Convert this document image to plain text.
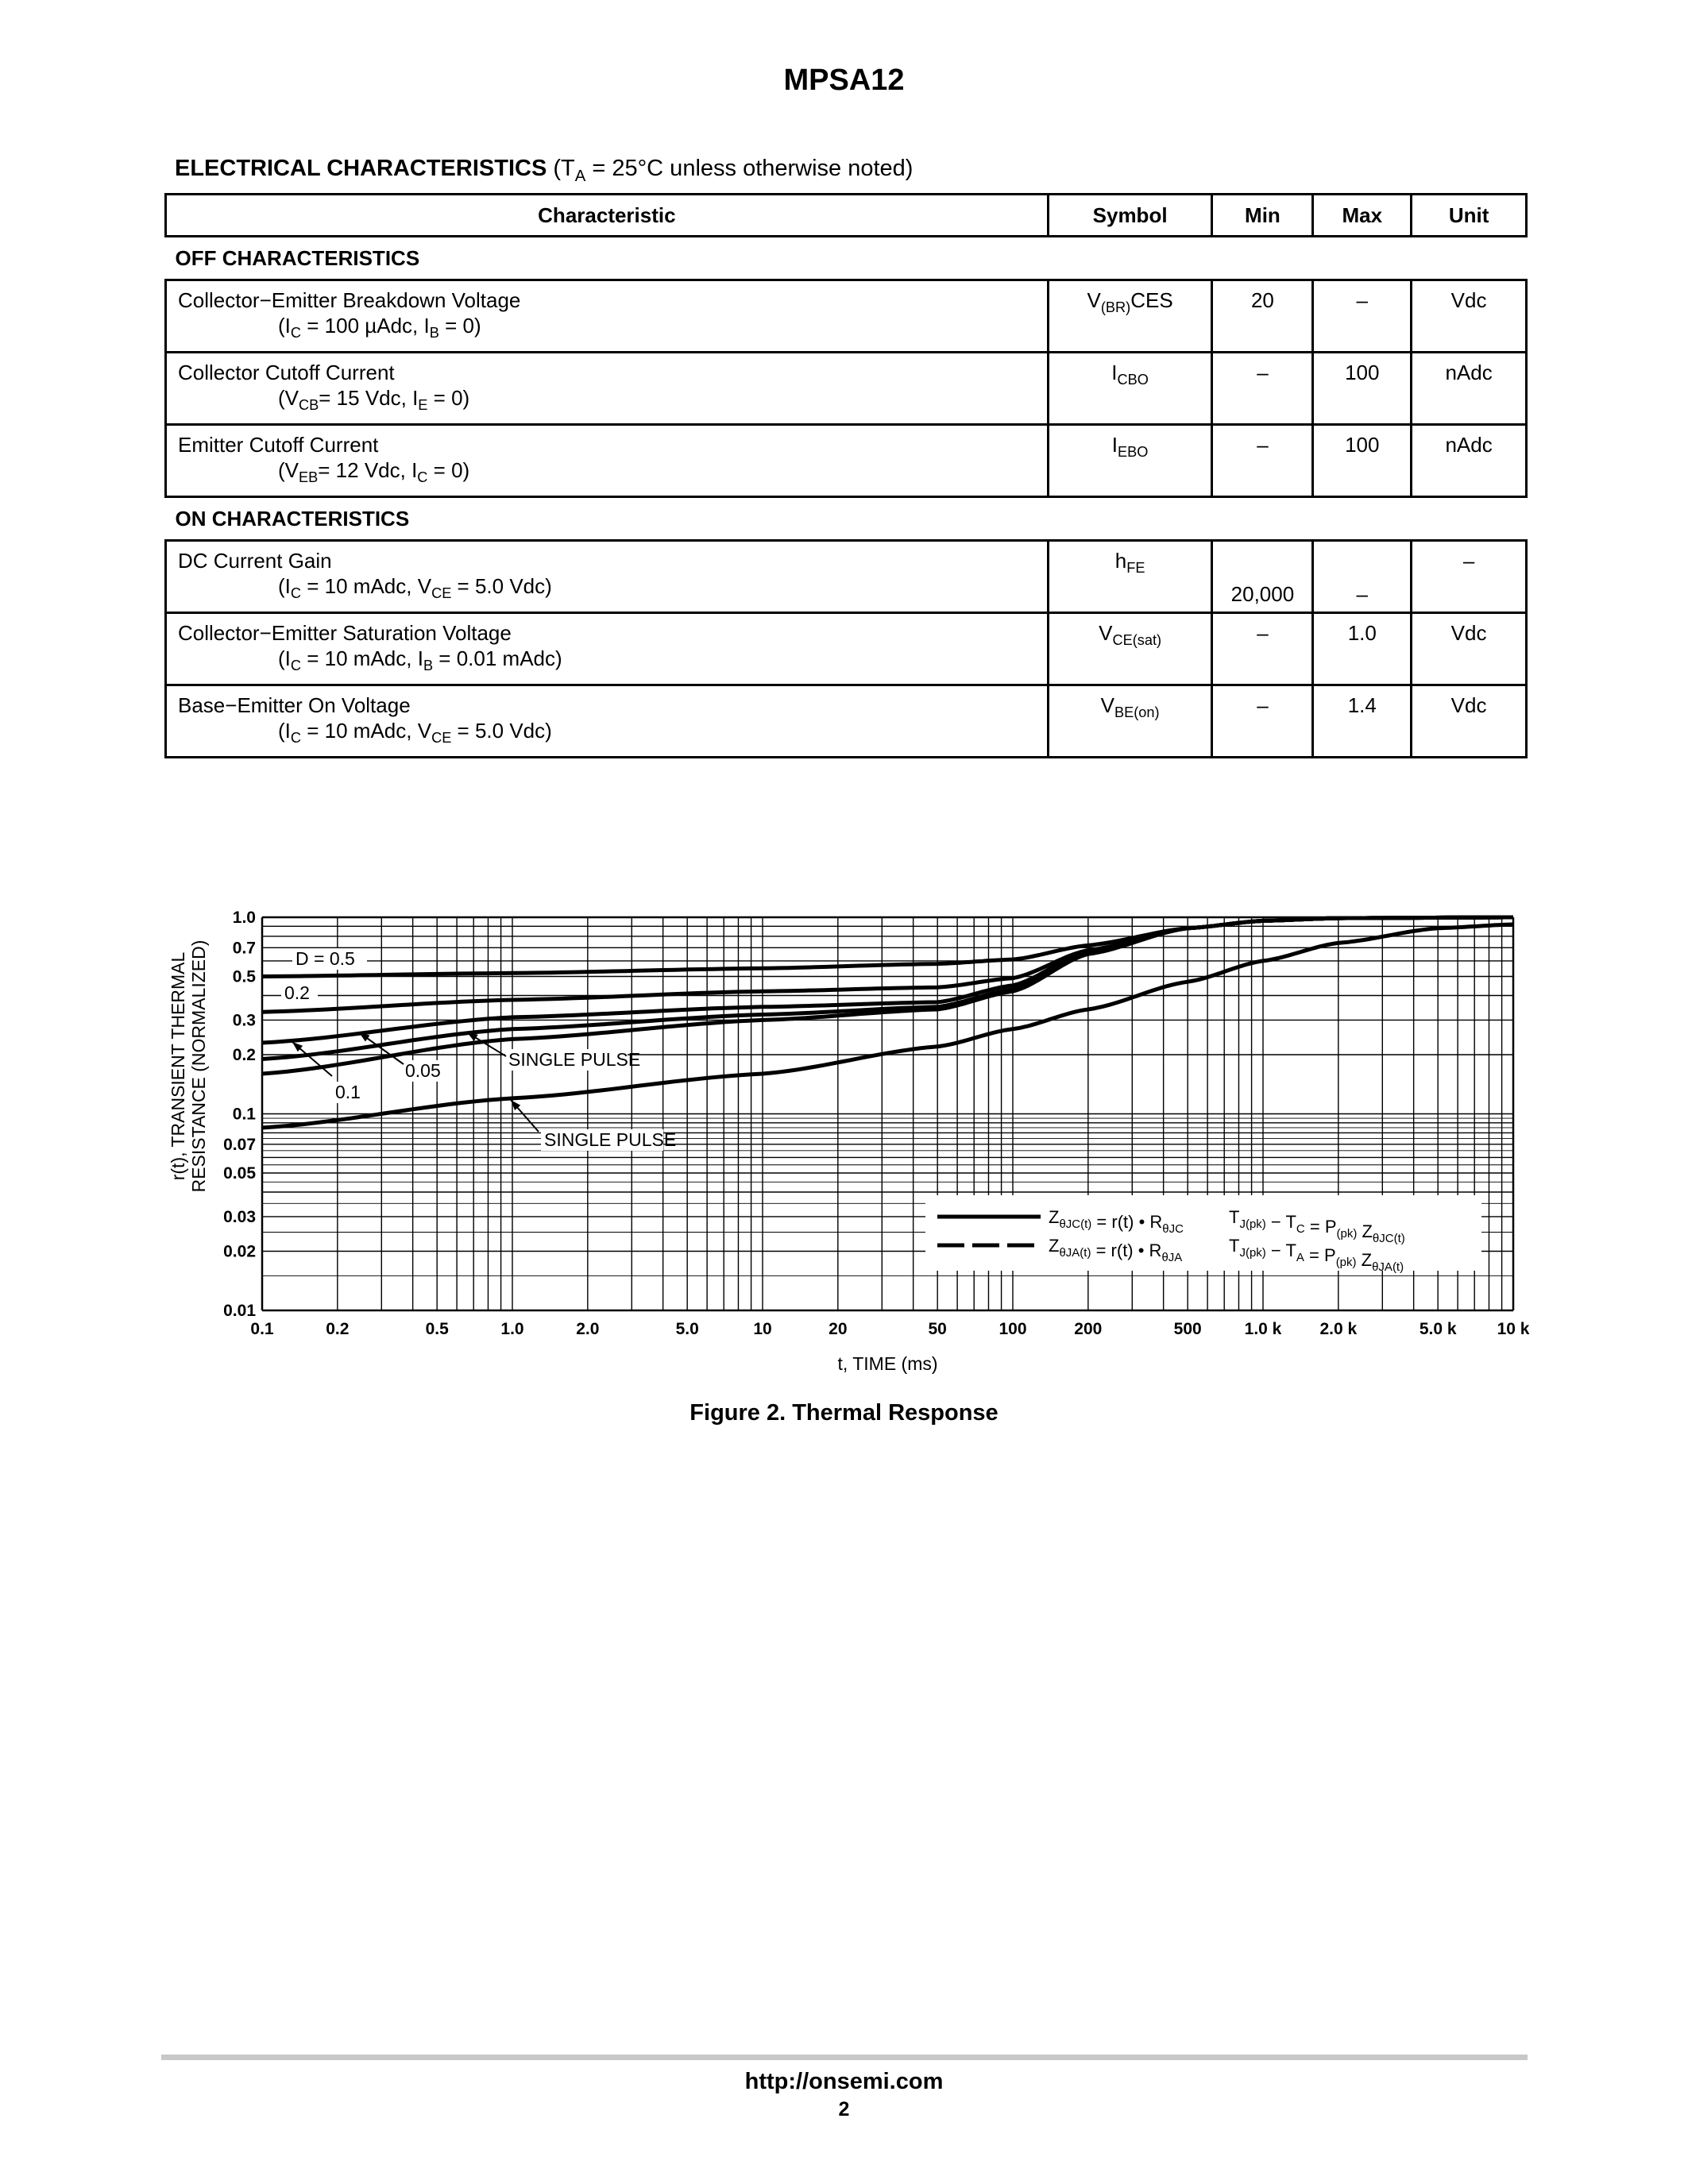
MPSA12
ELECTRICAL CHARACTERISTICS ($T_A = 25^\circ C$ unless otherwise noted)
Characteristic	Symbol	Min	Max	Unit
OFF CHARACTERISTICS				
Collector−Emitter Breakdown Voltage
($I_C = 100$ µAdc, $I_B = 0$)	$V_{(BR)}CES$	20	–	Vdc
Collector Cutoff Current
($V_{CB}= 15$ Vdc, $I_E = 0$)	$I_{CBO}$	–	100	nAdc
Emitter Cutoff Current
($V_{EB}= 12$ Vdc, $I_C = 0$)	$I_{EBO}$	–	100	nAdc
ON CHARACTERISTICS				
DC Current Gain
($I_C = 10$ mAdc, $V_{CE} = 5.0$ Vdc)	$h_{FE}$	20,000	–	–
Collector−Emitter Saturation Voltage
($I_C = 10$ mAdc, $I_B = 0.01$ mAdc)	$V_{CE(sat)}$	–	1.0	Vdc
Base−Emitter On Voltage
($I_C = 10$ mAdc, $V_{CE} = 5.0$ Vdc)	$V_{BE(on)}$	–	1.4	Vdc
0.1	0.2	0.5	1.0	2.0	5.0	10	20	50	100	200	500	1.0 k 2.0 k	5.0 k 10 k
1.0
0.7
0.5
0.3
0.2
0.1
0.07
0.05
0.03
0.02
0.01
t, TIME (ms)
r(t), TRANSIENT THERMAL RESISTANCE (NORMALIZED)	D = 0.5
0.2
0.1
0.05
SINGLE PULSE
SINGLE PULSE
$Z_{\theta JC(t)} = r(t)$ • $R_{\theta JC}$
$T_{J(pk)} - T_C = P_{(pk)}$ $Z_{\theta JC(t)}$
$Z_{\theta JA(t)} = r(t)$ • $R_{\theta JA}$
$T_{J(pk)} - T_A = P_{(pk)}$ $Z_{\theta JA(t)}$
Figure 2. Thermal Response
http://onsemi.com
2
